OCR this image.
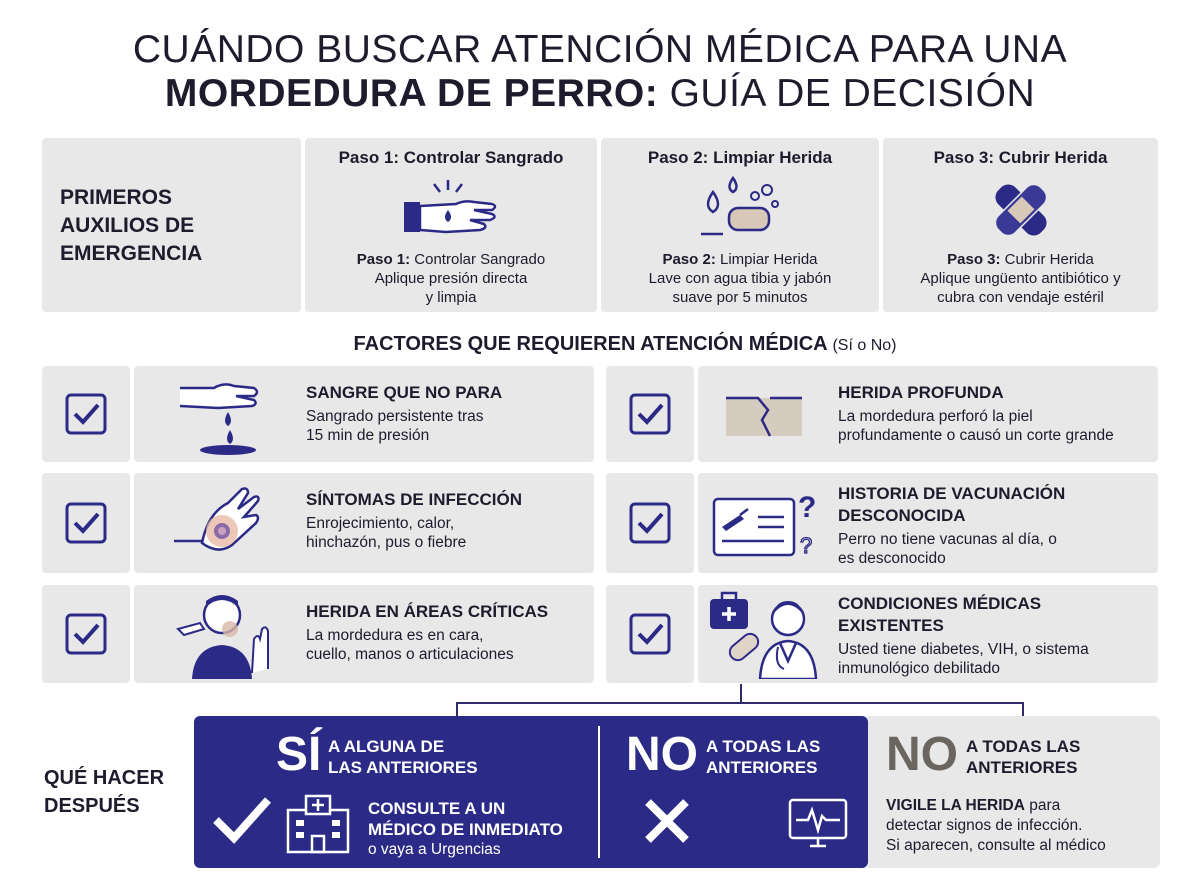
CUÁNDO BUSCAR ATENCIÓN MÉDICA PARA UNA
MORDEDURA DE PERRO: GUÍA DE DECISIÓN
PRIMEROS AUXILIOS DE EMERGENCIA
Paso 1: Controlar Sangrado
Paso 1: Controlar Sangrado
Aplique presión directa
y limpia
Paso 2: Limpiar Herida
Paso 2: Limpiar Herida
Lave con agua tibia y jabón
suave por 5 minutos
Paso 3: Cubrir Herida
Paso 3: Cubrir Herida
Aplique ungüento antibiótico y
cubra con vendaje estéril
FACTORES QUE REQUIEREN ATENCIÓN MÉDICA (Sí o No)
SANGRE QUE NO PARA

Sangrado persistente tras
15 min de presión

HERIDA PROFUNDA

La mordedura perforó la piel
profundamente o causó un corte grande

SÍNTOMAS DE INFECCIÓN

Enrojecimiento, calor,
hinchazón, pus o fiebre

?
?
HISTORIA DE VACUNACIÓN
DESCONOCIDA

Perro no tiene vacunas al día, o
es desconocido

HERIDA EN ÁREAS CRÍTICAS

La mordedura es en cara,
cuello, manos o articulaciones

CONDICIONES MÉDICAS
EXISTENTES

Usted tiene diabetes, VIH, o sistema
inmunológico debilitado

QUÉ HACER
DESPUÉS
SÍ A ALGUNA DE
LAS ANTERIORES
CONSULTE A UN
MÉDICO DE INMEDIATO
o vaya a Urgencias
NO A TODAS LAS
ANTERIORES NO A TODAS LAS
ANTERIORES
VIGILE LA HERIDA para
detectar signos de infección.
Si aparecen, consulte al médico
